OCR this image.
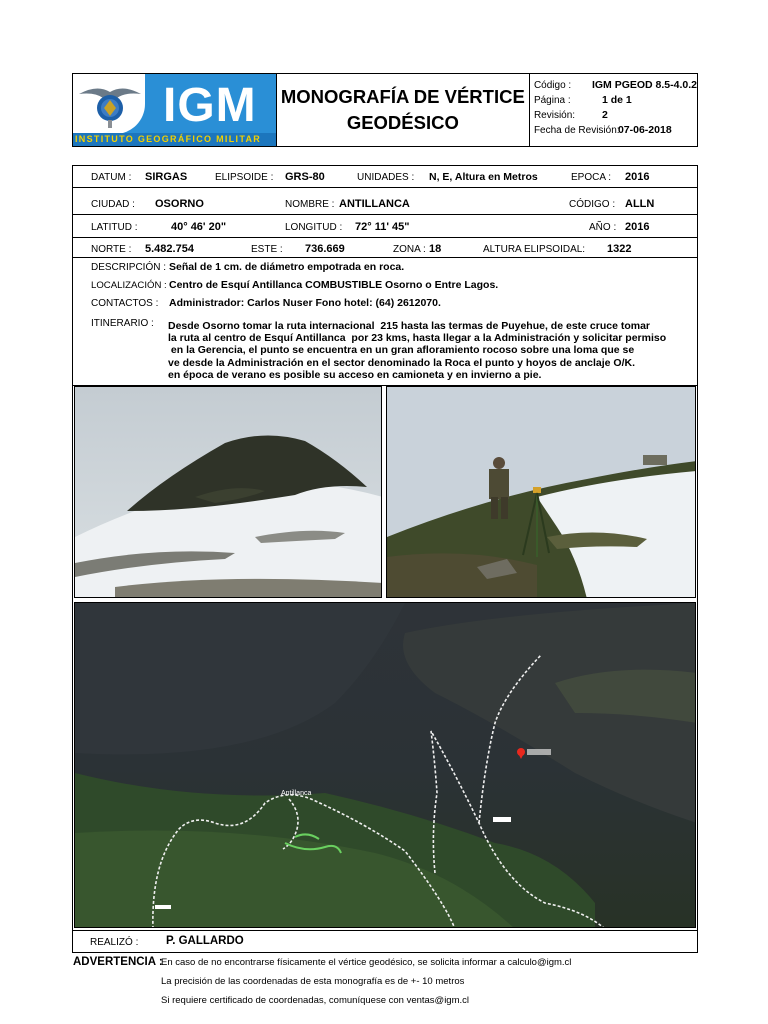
IGM
INSTITUTO GEOGRÁFICO MILITAR
MONOGRAFÍA DE VÉRTICE
GEODÉSICO
Código :	IGM PGEOD 8.5-4.0.2
Página :	1 de 1
Revisión:	2
Fecha de Revisión:
07-06-2018
DATUM : SIRGAS	ELIPSOIDE : GRS-80	UNIDADES : N, E, Altura en Metros	EPOCA : 2016
CIUDAD : OSORNO	NOMBRE : ANTILLANCA	CÓDIGO : ALLN
LATITUD :	40° 46' 20"	LONGITUD : 72° 11' 45"	AÑO : 2016
NORTE : 5.482.754	ESTE : 736.669	ZONA : 18	ALTURA ELIPSOIDAL: 1322
DESCRIPCIÓN : Señal de 1 cm. de diámetro empotrada en roca.
LOCALIZACIÓN : Centro de Esquí Antillanca COMBUSTIBLE Osorno o Entre Lagos.
CONTACTOS : Administrador: Carlos Nuser Fono hotel: (64) 2612070.
ITINERARIO : Desde Osorno tomar la ruta internacional  215 hasta las termas de Puyehue, de este cruce tomar
la ruta al centro de Esquí Antillanca  por 23 kms, hasta llegar a la Administración y solicitar permiso
en la Gerencia, el punto se encuentra en un gran afloramiento rocoso sobre una loma que se
ve desde la Administración en el sector denominado la Roca el punto y hoyos de anclaje O/K.
en época de verano es posible su acceso en camioneta y en invierno a pie.
Antillanca
REALIZÓ : P. GALLARDO
ADVERTENCIA :
En caso de no encontrarse físicamente el vértice geodésico, se solicita informar a calculo@igm.cl
La precisión de las coordenadas de esta monografía es de +- 10 metros
Si requiere certificado de coordenadas, comuníquese con ventas@igm.cl
